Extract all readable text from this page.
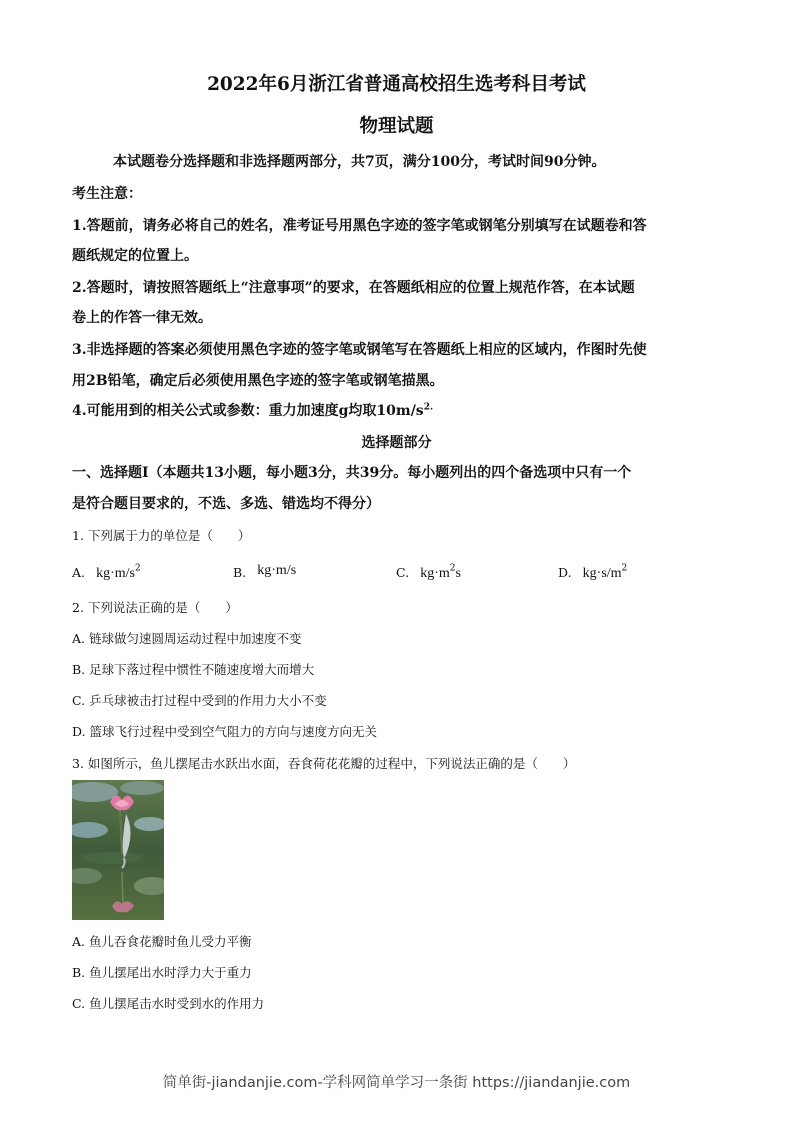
2022年6月浙江省普通高校招生选考科目考试
物理试题
本试题卷分选择题和非选择题两部分，共7页，满分100分，考试时间90分钟。
考生注意：
1.答题前，请务必将自己的姓名，准考证号用黑色字迹的签字笔或钢笔分别填写在试题卷和答
题纸规定的位置上。
2.答题时，请按照答题纸上“注意事项”的要求，在答题纸相应的位置上规范作答，在本试题
卷上的作答一律无效。
3.非选择题的答案必须使用黑色字迹的签字笔或钢笔写在答题纸上相应的区域内，作图时先使
用2B铅笔，确定后必须使用黑色字迹的签字笔或钢笔描黑。
4.可能用到的相关公式或参数：重力加速度g均取$10m/s^{2.}$
选择题部分
一、选择题I（本题共13小题，每小题3分，共39分。每小题列出的四个备选项中只有一个
是符合题目要求的，不选、多选、错选均不得分）
1. 下列属于力的单位是（　　）
A. $kg\cdot m/s^2$	B. kg·m/s	C. $kg\cdot m^2s$	D. $kg\cdot s/m^2$
2. 下列说法正确的是（　　）
A. 链球做匀速圆周运动过程中加速度不变
B. 足球下落过程中惯性不随速度增大而增大
C. 乒乓球被击打过程中受到的作用力大小不变
D. 篮球飞行过程中受到空气阻力的方向与速度方向无关
3. 如图所示，鱼儿摆尾击水跃出水面，吞食荷花花瓣的过程中，下列说法正确的是（　　）
A. 鱼儿吞食花瓣时鱼儿受力平衡
B. 鱼儿摆尾出水时浮力大于重力
C. 鱼儿摆尾击水时受到水的作用力
简单街-jiandanjie.com-学科网简单学习一条街 https://jiandanjie.com
